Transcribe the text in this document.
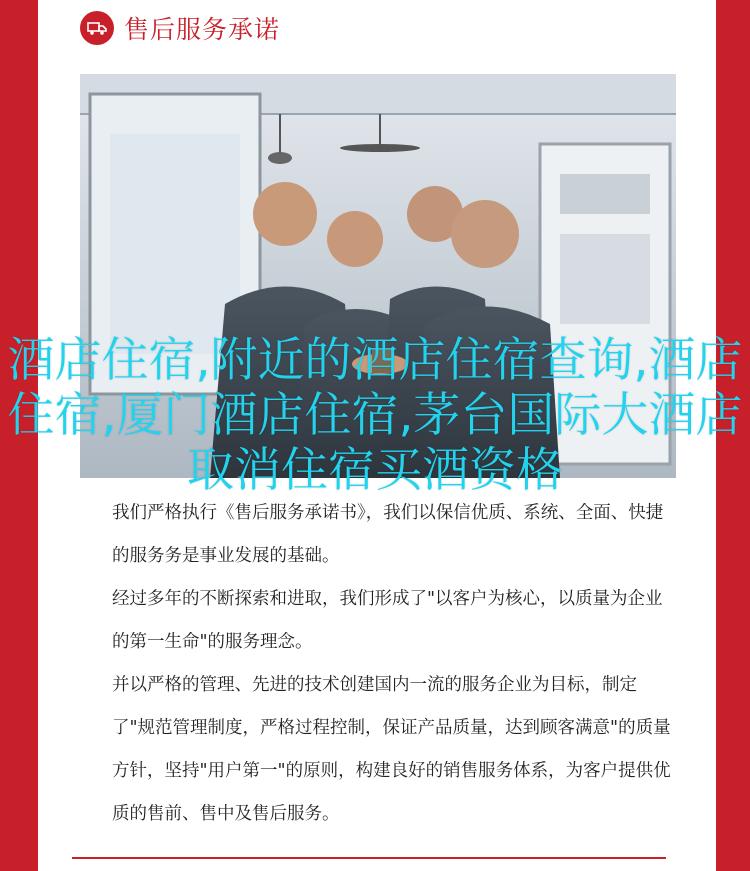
售后服务承诺

我们严格执行《售后服务承诺书》，我们以保信优质、系统、全面、快捷的服务务是事业发展的基础。

经过多年的不断探索和进取，我们形成了"以客户为核心，以质量为企业的第一生命"的服务理念。

并以严格的管理、先进的技术创建国内一流的服务企业为目标，制定了"规范管理制度，严格过程控制，保证产品质量，达到顾客满意"的质量方针，坚持"用户第一"的原则，构建良好的销售服务体系，为客户提供优质的售前、售中及售后服务。

酒店住宿,附近的酒店住宿查询,酒店住宿,厦门酒店住宿,茅台国际大酒店取消住宿买酒资格
